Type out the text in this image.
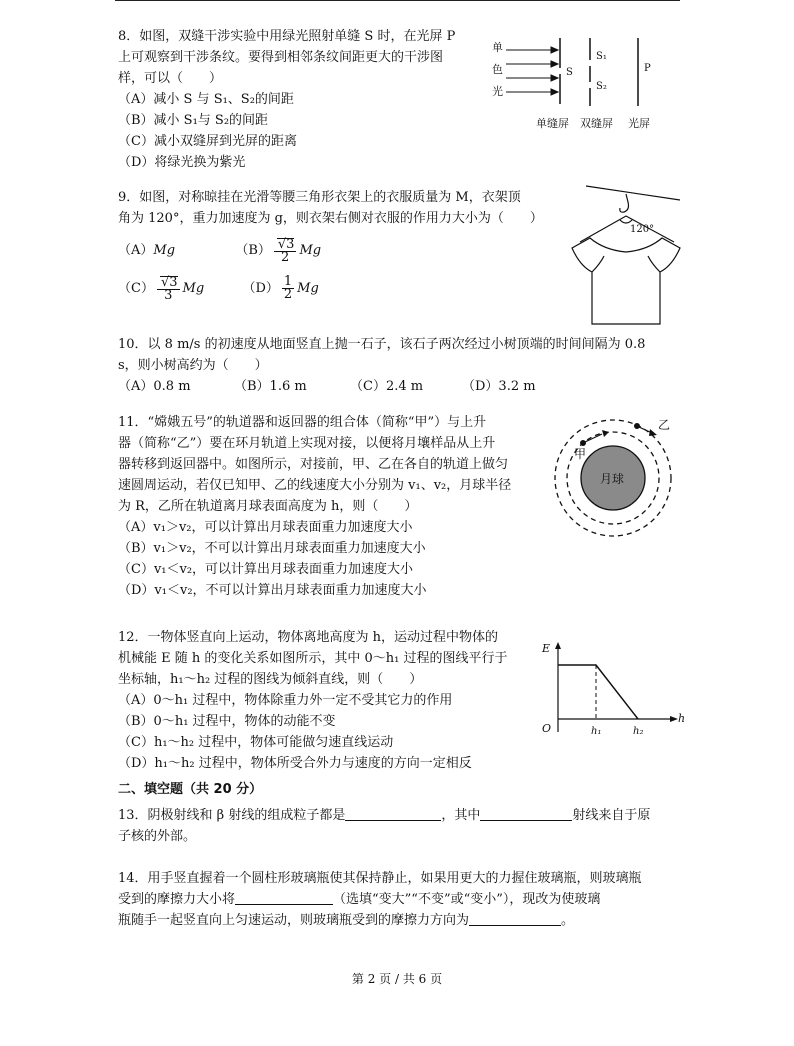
8．如图，双缝干涉实验中用绿光照射单缝 S 时，在光屏 P
上可观察到干涉条纹。要得到相邻条纹间距更大的干涉图
样，可以（　　）
（A）减小 S 与 S₁、S₂的间距
（B）减小 S₁与 S₂的间距
（C）减小双缝屏到光屏的距离
（D）将绿光换为紫光
单
色
光
S
S₁
S₂
P
单缝屏 双缝屏 光屏
9．如图，对称晾挂在光滑等腰三角形衣架上的衣服质量为 M，衣架顶
角为 120°，重力加速度为 g，则衣架右侧对衣服的作用力大小为（　　）
（A）Mg	$(B) \frac{√3}{2}$ Mg
$(C) \frac{√3}{3}$ Mg	$(D) \frac{1}{2}$ Mg
120°
10．以 8 m/s 的初速度从地面竖直上抛一石子，该石子两次经过小树顶端的时间间隔为 0.8
s，则小树高约为（　　）
（A）0.8 m	（B）1.6 m	（C）2.4 m	（D）3.2 m
11．“嫦娥五号”的轨道器和返回器的组合体（简称“甲”）与上升
器（简称“乙”）要在环月轨道上实现对接，以便将月壤样品从上升
器转移到返回器中。如图所示，对接前，甲、乙在各自的轨道上做匀
速圆周运动，若仅已知甲、乙的线速度大小分别为 v₁、v₂，月球半径
为 R，乙所在轨道离月球表面高度为 h，则（　　）
（A）v₁＞v₂，可以计算出月球表面重力加速度大小
（B）v₁＞v₂，不可以计算出月球表面重力加速度大小
（C）v₁＜v₂，可以计算出月球表面重力加速度大小
（D）v₁＜v₂，不可以计算出月球表面重力加速度大小
月球
甲
乙
12．一物体竖直向上运动，物体离地高度为 h，运动过程中物体的
机械能 E 随 h 的变化关系如图所示，其中 0～h₁ 过程的图线平行于
坐标轴，h₁～h₂ 过程的图线为倾斜直线，则（　　）
（A）0～h₁ 过程中，物体除重力外一定不受其它力的作用
（B）0～h₁ 过程中，物体的动能不变
（C）h₁～h₂ 过程中，物体可能做匀速直线运动
（D）h₁～h₂ 过程中，物体所受合外力与速度的方向一定相反
E
h
O	h₁	h₂
二、填空题（共 20 分）
13．阴极射线和 β 射线的组成粒子都是	，其中	射线来自于原
子核的外部。
14．用手竖直握着一个圆柱形玻璃瓶使其保持静止，如果用更大的力握住玻璃瓶，则玻璃瓶
受到的摩擦力大小将	（选填“变大”“不变”或“变小”），现改为使玻璃
瓶随手一起竖直向上匀速运动，则玻璃瓶受到的摩擦力方向为	。
第 2 页 / 共 6 页
